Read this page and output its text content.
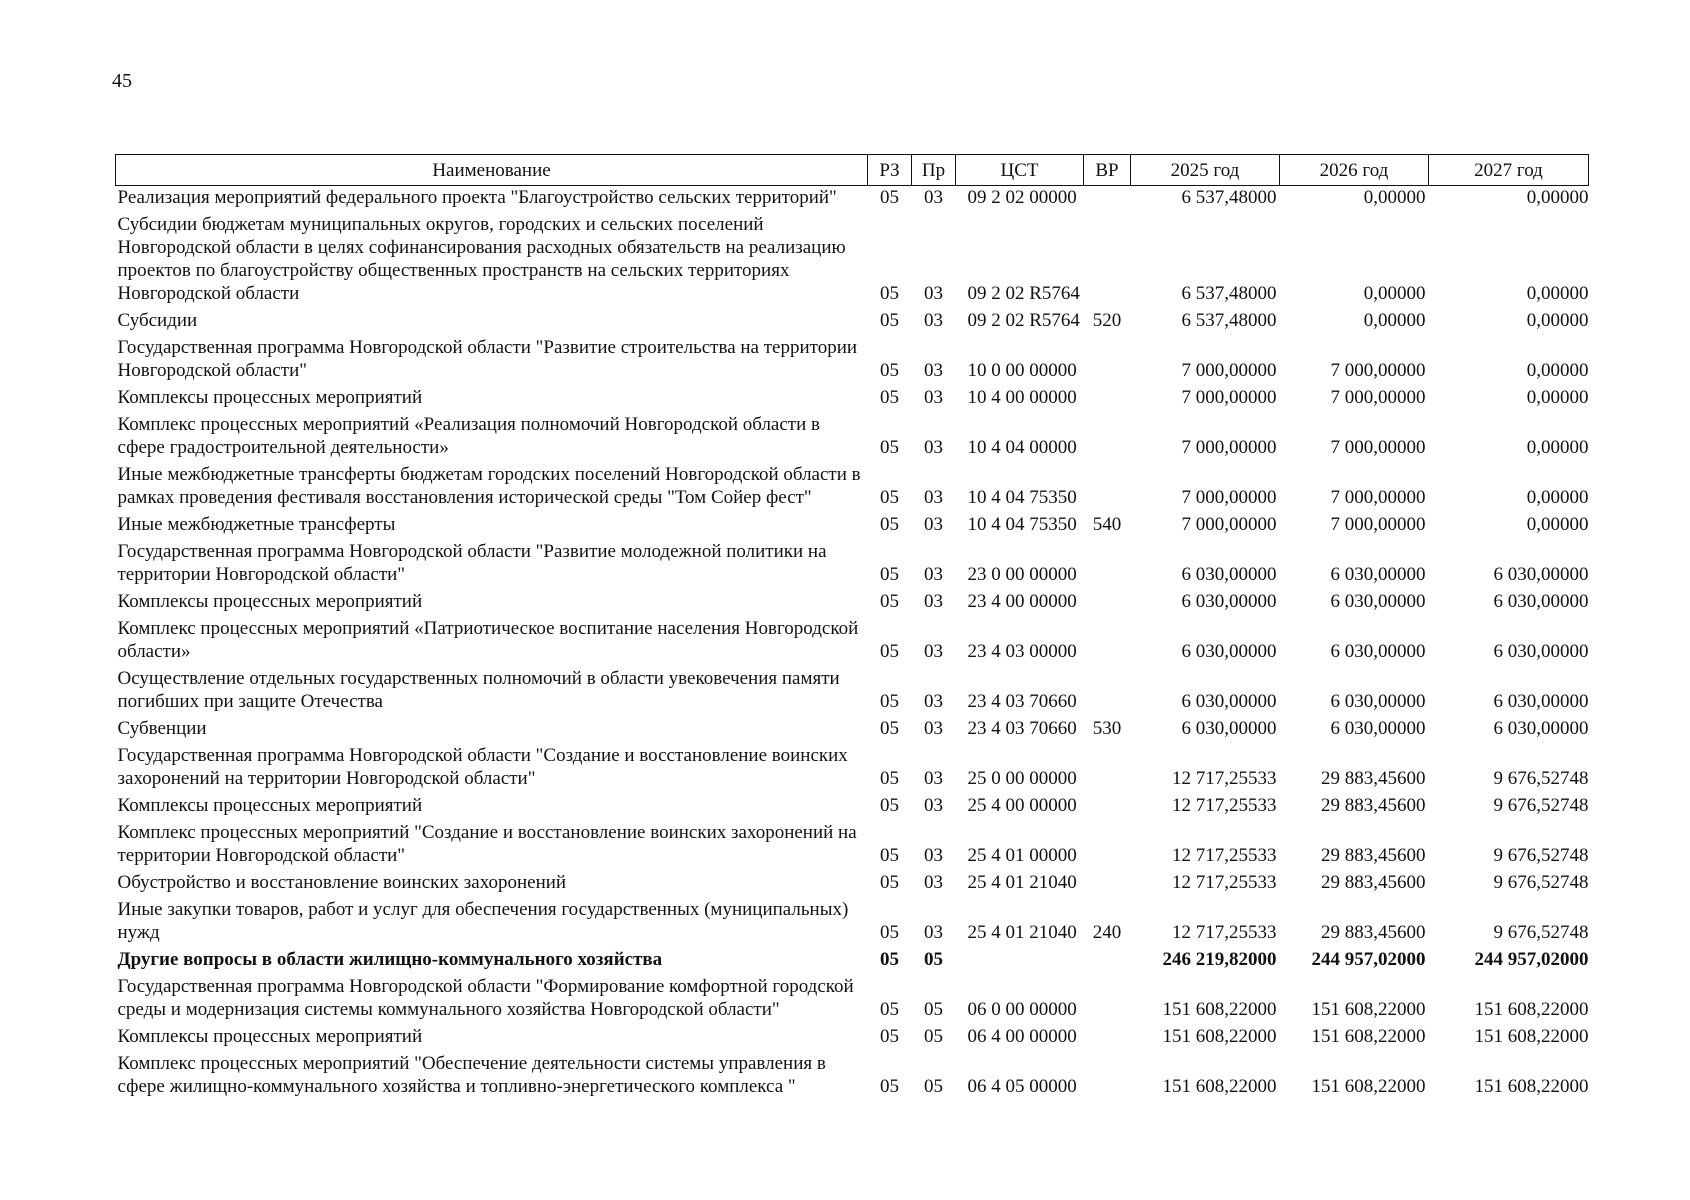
45
Наименование	РЗ	Пр	ЦСТ	ВР	2025 год	2026 год	2027 год
Реализация мероприятий федерального проекта "Благоустройство сельских территорий"	05	03	09 2 02 00000		6 537,48000	0,00000	0,00000
Субсидии бюджетам муниципальных округов, городских и сельских поселений Новгородской области в целях софинансирования расходных обязательств на реализацию проектов по благоустройству общественных пространств на сельских территориях Новгородской области	05	03	09 2 02 R5764		6 537,48000	0,00000	0,00000
Субсидии	05	03	09 2 02 R5764	520	6 537,48000	0,00000	0,00000
Государственная программа Новгородской области "Развитие строительства на территории Новгородской области"	05	03	10 0 00 00000		7 000,00000	7 000,00000	0,00000
Комплексы процессных мероприятий	05	03	10 4 00 00000		7 000,00000	7 000,00000	0,00000
Комплекс процессных мероприятий «Реализация полномочий Новгородской области в сфере градостроительной деятельности»	05	03	10 4 04 00000		7 000,00000	7 000,00000	0,00000
Иные межбюджетные трансферты бюджетам городских поселений Новгородской области в рамках проведения фестиваля восстановления исторической среды "Том Сойер фест"	05	03	10 4 04 75350		7 000,00000	7 000,00000	0,00000
Иные межбюджетные трансферты	05	03	10 4 04 75350	540	7 000,00000	7 000,00000	0,00000
Государственная программа Новгородской области "Развитие молодежной политики на территории Новгородской области"	05	03	23 0 00 00000		6 030,00000	6 030,00000	6 030,00000
Комплексы процессных мероприятий	05	03	23 4 00 00000		6 030,00000	6 030,00000	6 030,00000
Комплекс процессных мероприятий «Патриотическое воспитание населения Новгородской области»	05	03	23 4 03 00000		6 030,00000	6 030,00000	6 030,00000
Осуществление отдельных государственных полномочий в области увековечения памяти погибших при защите Отечества	05	03	23 4 03 70660		6 030,00000	6 030,00000	6 030,00000
Субвенции	05	03	23 4 03 70660	530	6 030,00000	6 030,00000	6 030,00000
Государственная программа Новгородской области "Создание и восстановление воинских захоронений на территории Новгородской области"	05	03	25 0 00 00000		12 717,25533	29 883,45600	9 676,52748
Комплексы процессных мероприятий	05	03	25 4 00 00000		12 717,25533	29 883,45600	9 676,52748
Комплекс процессных мероприятий "Создание и восстановление воинских захоронений на территории Новгородской области"	05	03	25 4 01 00000		12 717,25533	29 883,45600	9 676,52748
Обустройство и восстановление воинских захоронений	05	03	25 4 01 21040		12 717,25533	29 883,45600	9 676,52748
Иные закупки товаров, работ и услуг для обеспечения государственных (муниципальных) нужд	05	03	25 4 01 21040	240	12 717,25533	29 883,45600	9 676,52748
Другие вопросы в области жилищно-коммунального хозяйства	05	05			246 219,82000	244 957,02000	244 957,02000
Государственная программа Новгородской области "Формирование комфортной городской среды и модернизация системы коммунального хозяйства Новгородской области"	05	05	06 0 00 00000		151 608,22000	151 608,22000	151 608,22000
Комплексы процессных мероприятий	05	05	06 4 00 00000		151 608,22000	151 608,22000	151 608,22000
Комплекс процессных мероприятий "Обеспечение деятельности системы управления в сфере жилищно-коммунального хозяйства и топливно-энергетического комплекса "	05	05	06 4 05 00000		151 608,22000	151 608,22000	151 608,22000
